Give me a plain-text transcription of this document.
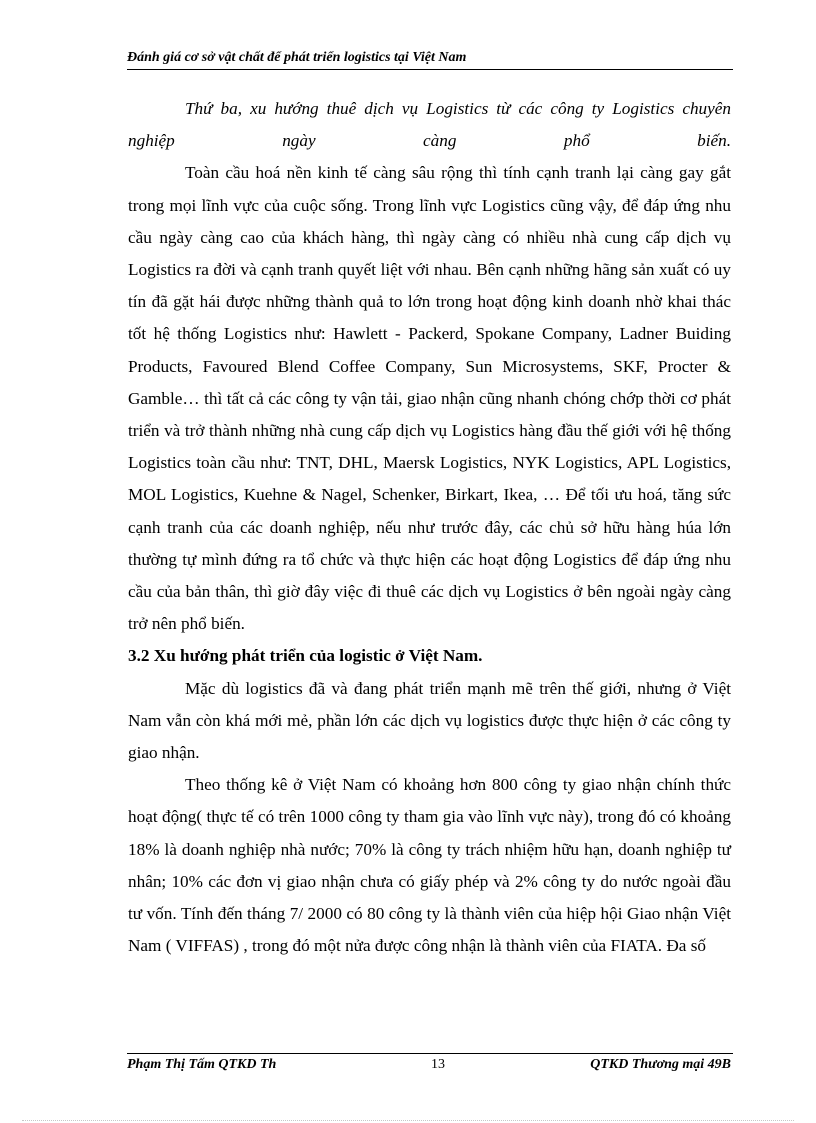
Đánh giá cơ sở vật chất để phát triển logistics tại Việt Nam

Thứ ba, xu hướng thuê dịch vụ Logistics từ các công ty Logistics chuyên nghiệp ngày càng phổ biến.

Toàn cầu hoá nền kinh tế càng sâu rộng thì tính cạnh tranh lại càng gay gắt trong mọi lĩnh vực của cuộc sống. Trong lĩnh vực Logistics cũng vậy, để đáp ứng nhu cầu ngày càng cao của khách hàng, thì ngày càng có nhiều nhà cung cấp dịch vụ Logistics ra đời và cạnh tranh quyết liệt với nhau. Bên cạnh những hãng sản xuất có uy tín đã gặt hái được những thành quả to lớn trong hoạt động kinh doanh nhờ khai thác tốt hệ thống Logistics như: Hawlett - Packerd, Spokane Company, Ladner Buiding Products, Favoured Blend Coffee Company, Sun Microsystems, SKF, Procter & Gamble… thì tất cả các công ty vận tải, giao nhận cũng nhanh chóng chớp thời cơ phát triển và trở thành những nhà cung cấp dịch vụ Logistics hàng đầu thế giới với hệ thống Logistics toàn cầu như: TNT, DHL, Maersk Logistics, NYK Logistics, APL Logistics, MOL Logistics, Kuehne & Nagel, Schenker, Birkart, Ikea, … Để tối ưu hoá, tăng sức cạnh tranh của các doanh nghiệp, nếu như trước đây, các chủ sở hữu hàng húa lớn thường tự mình đứng ra tổ chức và thực hiện các hoạt động Logistics để đáp ứng nhu cầu của bản thân, thì giờ đây việc đi thuê các dịch vụ Logistics ở bên ngoài ngày càng trở nên phổ biến.

3.2 Xu hướng phát triển của logistic ở Việt Nam.

Mặc dù logistics đã và đang phát triển mạnh mẽ trên thế giới, nhưng ở Việt Nam vẫn còn khá mới mẻ, phần lớn các dịch vụ logistics được thực hiện ở các công ty giao nhận.

Theo thống kê ở Việt Nam có khoảng hơn 800 công ty giao nhận chính thức hoạt động( thực tế có trên 1000 công ty tham gia vào lĩnh vực này), trong đó có khoảng 18% là doanh nghiệp nhà nước; 70% là công ty trách nhiệm hữu hạn, doanh nghiệp tư nhân; 10% các đơn vị giao nhận chưa có giấy phép và 2% công ty do nước ngoài đầu tư vốn. Tính đến tháng 7/ 2000 có 80 công ty là thành viên của hiệp hội Giao nhận Việt Nam ( VIFFAS) , trong đó một nửa được công nhận là thành viên của FIATA. Đa số

Phạm Thị Tấm QTKD Th	13	QTKD Thương mại 49B
